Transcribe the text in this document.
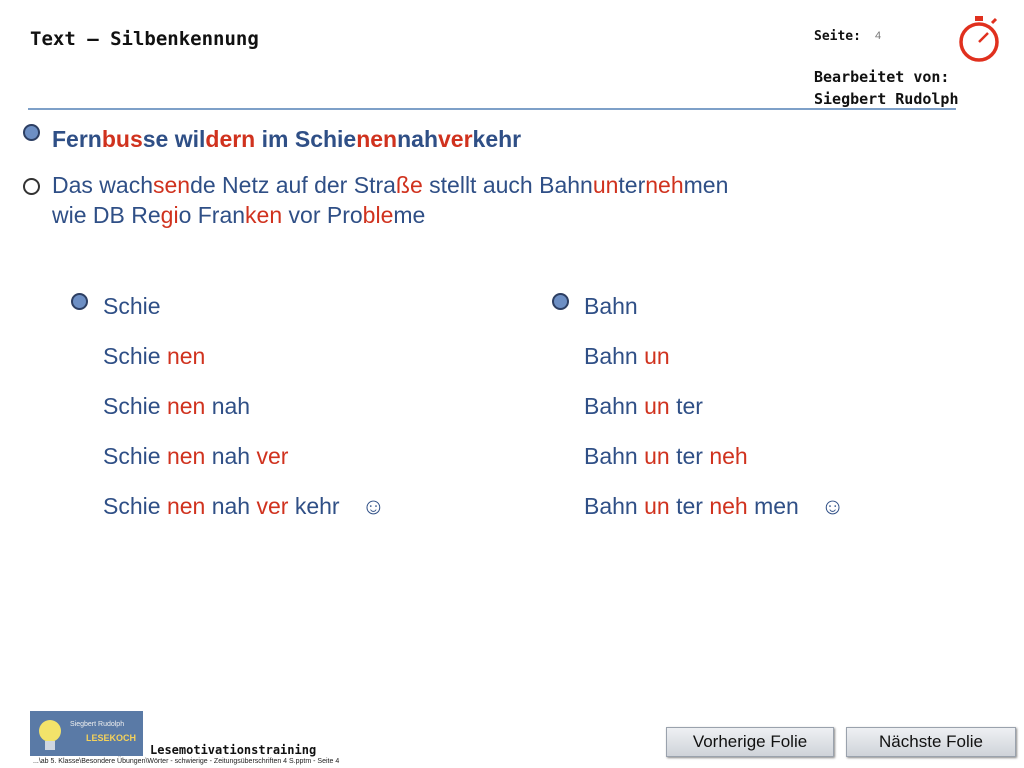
Text – Silbenkennung	Seite: 4
Bearbeitet von:
Siegbert Rudolph
Fernbusse wildern im Schienennahverkehr
Das wachsende Netz auf der Straße stellt auch Bahnunternehmen
wie DB Regio Franken vor Probleme
Schie
Schie nen
Schie nen nah
Schie nen nah ver
Schie nen nah ver kehr ☺
Bahn
Bahn un
Bahn un ter
Bahn un ter neh
Bahn un ter neh men ☺
Siegbert Rudolph
LESEKOCH
Lesemotivationstraining
...\ab 5. Klasse\Besondere Übungen\Wörter - schwierige - Zeitungsüberschriften 4 S.pptm - Seite 4
Vorherige Folie	Nächste Folie
